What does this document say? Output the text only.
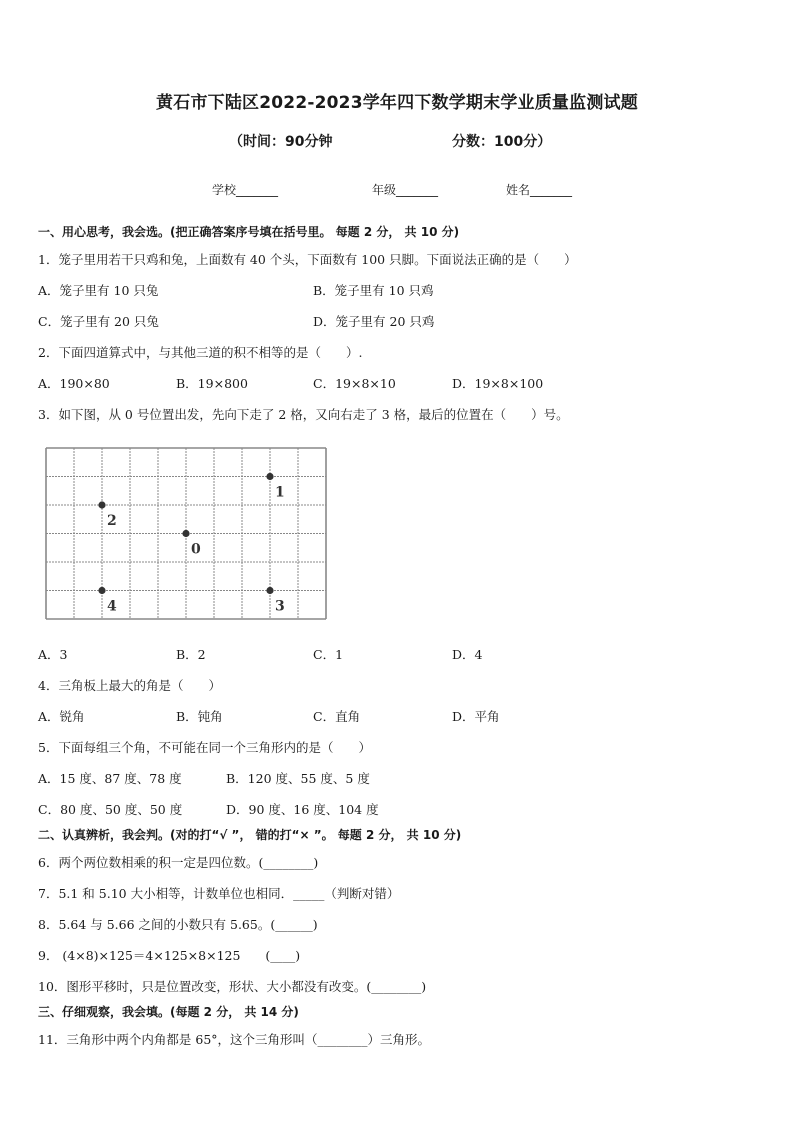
黄石市下陆区2022-2023学年四下数学期末学业质量监测试题
（时间：90分钟	分数：100分）
学校_______	年级_______	姓名_______
一、用心思考，我会选。(把正确答案序号填在括号里。 每题 2 分， 共 10 分)
1．笼子里用若干只鸡和兔，上面数有 40 个头，下面数有 100 只脚。下面说法正确的是（　　）
A．笼子里有 10 只兔	B．笼子里有 10 只鸡
C．笼子里有 20 只兔	D．笼子里有 20 只鸡
2．下面四道算式中，与其他三道的积不相等的是（　　）.
A．190×80	B．19×800	C．19×8×10	D．19×8×100
3．如下图，从 0 号位置出发，先向下走了 2 格，又向右走了 3 格，最后的位置在（　　）号。
1
2
0
4	3
A．3	B．2	C．1	D．4
4．三角板上最大的角是（　　）
A．锐角	B．钝角	C．直角	D．平角
5．下面每组三个角，不可能在同一个三角形内的是（　　）
A．15 度、87 度、78 度	B．120 度、55 度、5 度
C．80 度、50 度、50 度	D．90 度、16 度、104 度
二、认真辨析，我会判。(对的打“√ ”， 错的打“× ”。 每题 2 分， 共 10 分)
6．两个两位数相乘的积一定是四位数。(________)
7．5.1 和 5.10 大小相等，计数单位也相同．_____（判断对错）
8．5.64 与 5.66 之间的小数只有 5.65。(______)
9． (4×8)×125＝4×125×8×125　　(____)
10．图形平移时，只是位置改变，形状、大小都没有改变。(________)
三、仔细观察，我会填。(每题 2 分， 共 14 分)
11．三角形中两个内角都是 65°，这个三角形叫（________）三角形。
